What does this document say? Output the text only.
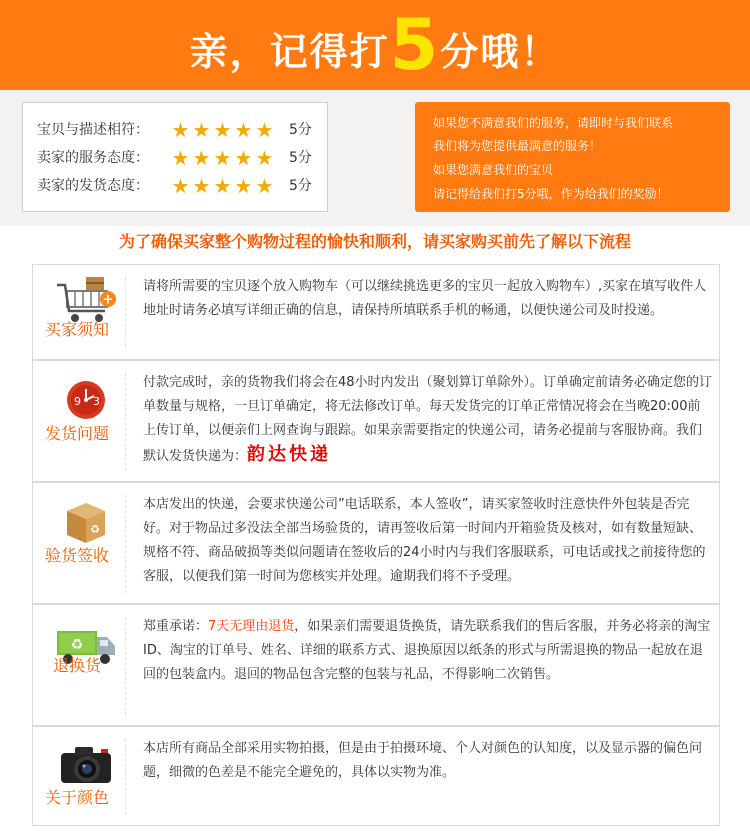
亲，记得打5分哦！
宝贝与描述相符：	★ ★ ★ ★ ★ 5分
卖家的服务态度：	★ ★ ★ ★ ★ 5分
卖家的发货态度：	★ ★ ★ ★ ★ 5分
如果您不满意我们的服务，请即时与我们联系
我们将为您提供最满意的服务！
如果您满意我们的宝贝
请记得给我们打5分哦，作为给我们的奖励！
为了确保买家整个购物过程的愉快和顺利，请买家购买前先了解以下流程
+
买家须知
请将所需要的宝贝逐个放入购物车（可以继续挑选更多的宝贝一起放入购物车）,买家在填写收件人地址时请务必填写详细正确的信息，请保持所填联系手机的畅通，以便快递公司及时投递。
9 3
发货问题
付款完成时，亲的货物我们将会在48小时内发出（聚划算订单除外）。订单确定前请务必确定您的订单数量与规格，一旦订单确定，将无法修改订单。每天发货完的订单正常情况将会在当晚20:00前上传订单，以便亲们上网查询与跟踪。如果亲需要指定的快递公司，请务必提前与客服协商。我们默认发货快递为：韵达快递
♻
验货签收
本店发出的快递，会要求快递公司”电话联系，本人签收”，请买家签收时注意快件外包装是否完好。对于物品过多没法全部当场验货的，请再签收后第一时间内开箱验货及核对，如有数量短缺、规格不符、商品破损等类似问题请在签收后的24小时内与我们客服联系，可电话或找之前接待您的客服，以便我们第一时间为您核实并处理。逾期我们将不予受理。
♻
退换货
郑重承诺：7天无理由退货，如果亲们需要退货换货，请先联系我们的售后客服，并务必将亲的淘宝ID、淘宝的订单号、姓名、详细的联系方式、退换原因以纸条的形式与所需退换的物品一起放在退回的包装盒内。退回的物品包含完整的包装与礼品，不得影响二次销售。
关于颜色
本店所有商品全部采用实物拍摄，但是由于拍摄环境、个人对颜色的认知度，以及显示器的偏色问题，细微的色差是不能完全避免的，具体以实物为准。
